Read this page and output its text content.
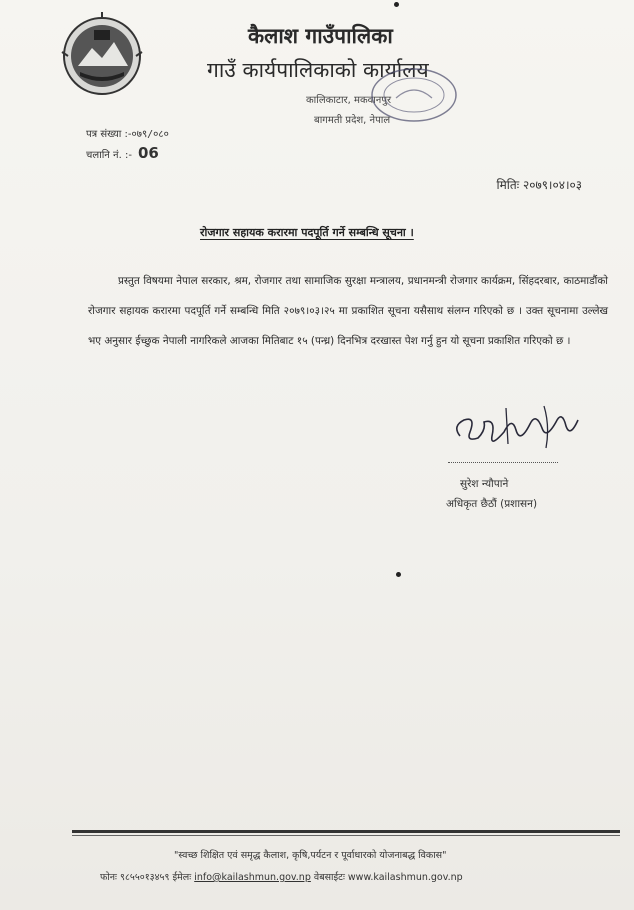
कैलाश गाउँपालिका
गाउँ कार्यपालिकाको कार्यालय
कालिकाटार, मकवानपुर
बागमती प्रदेश, नेपाल
पत्र संख्या :-०७९/०८०
चलानि नं. :- 06
मितिः २०७९।०४।०३
रोजगार सहायक करारमा पदपूर्ति गर्ने सम्बन्धि सूचना ।

प्रस्तुत विषयमा नेपाल सरकार, श्रम, रोजगार तथा सामाजिक सुरक्षा मन्त्रालय, प्रधानमन्त्री रोजगार कार्यक्रम, सिंहदरबार, काठमाडौंको रोजगार सहायक करारमा पदपूर्ति गर्ने सम्बन्धि मिति २०७९।०३।२५ मा प्रकाशित सूचना यसैसाथ संलग्न गरिएको छ । उक्त सूचनामा उल्लेख भए अनुसार ईच्छुक नेपाली नागरिकले आजका मितिबाट १५ (पन्ध्र) दिनभित्र दरखास्त पेश गर्नु हुन यो सूचना प्रकाशित गरिएको छ ।

सुरेश न्यौपाने
अधिकृत छैठौं (प्रशासन)
"स्वच्छ शिक्षित एवं समृद्ध कैलाश, कृषि,पर्यटन र पूर्वाधारको योजनाबद्ध विकास"
फोनः ९८५५०१३४५९ ईमेलः info@kailashmun.gov.np वेबसाईटः www.kailashmun.gov.np
